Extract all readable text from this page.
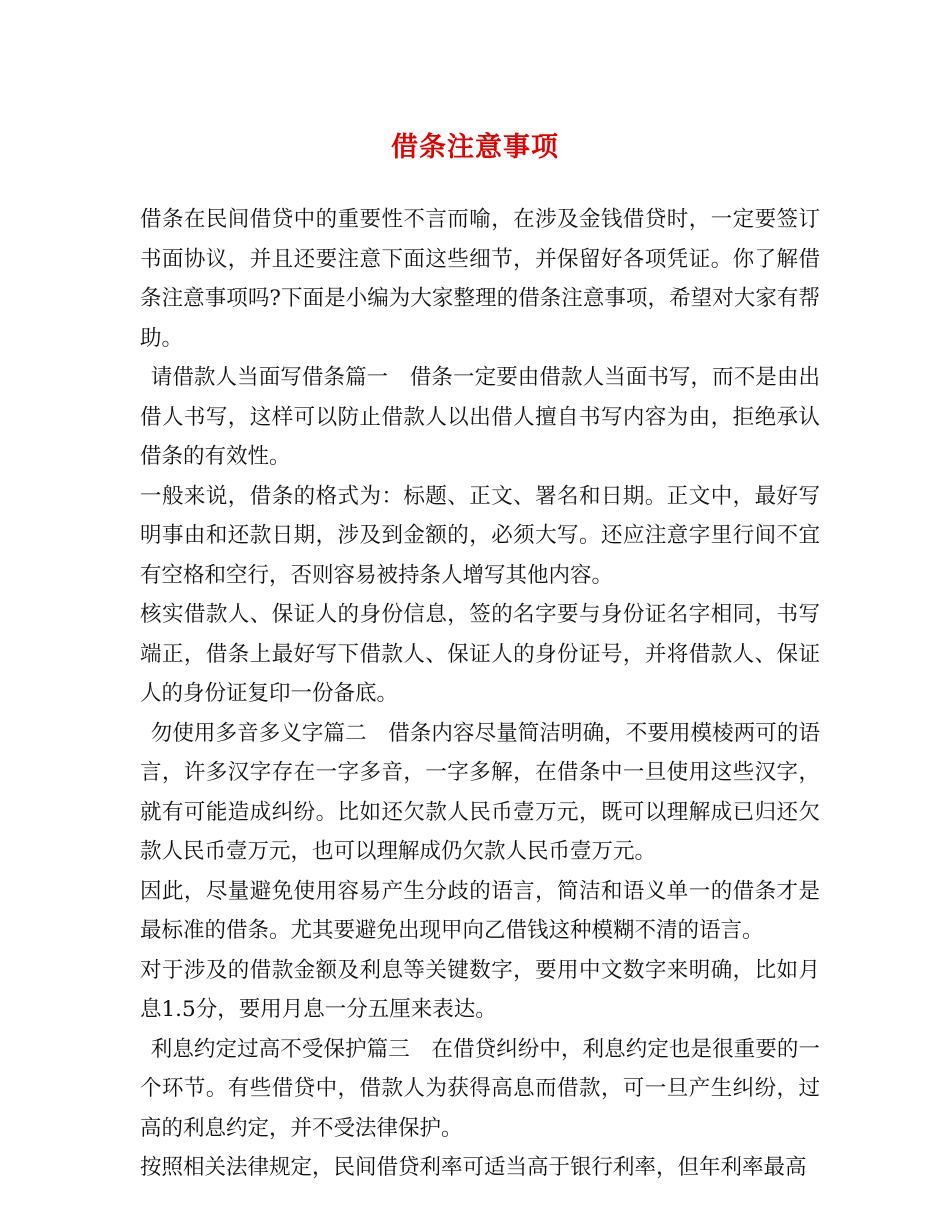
借条注意事项

借条在民间借贷中的重要性不言而喻，在涉及金钱借贷时，一定要签订书面协议，并且还要注意下面这些细节，并保留好各项凭证。你了解借条注意事项吗?下面是小编为大家整理的借条注意事项，希望对大家有帮助。

请借款人当面写借条篇一　借条一定要由借款人当面书写，而不是由出借人书写，这样可以防止借款人以出借人擅自书写内容为由，拒绝承认借条的有效性。

一般来说，借条的格式为：标题、正文、署名和日期。正文中，最好写明事由和还款日期，涉及到金额的，必须大写。还应注意字里行间不宜有空格和空行，否则容易被持条人增写其他内容。

核实借款人、保证人的身份信息，签的名字要与身份证名字相同，书写端正，借条上最好写下借款人、保证人的身份证号，并将借款人、保证人的身份证复印一份备底。

勿使用多音多义字篇二　借条内容尽量简洁明确，不要用模棱两可的语言，许多汉字存在一字多音，一字多解，在借条中一旦使用这些汉字，就有可能造成纠纷。比如还欠款人民币壹万元，既可以理解成已归还欠款人民币壹万元，也可以理解成仍欠款人民币壹万元。

因此，尽量避免使用容易产生分歧的语言，简洁和语义单一的借条才是最标准的借条。尤其要避免出现甲向乙借钱这种模糊不清的语言。

对于涉及的借款金额及利息等关键数字，要用中文数字来明确，比如月息1.5分，要用月息一分五厘来表达。

利息约定过高不受保护篇三　在借贷纠纷中，利息约定也是很重要的一个环节。有些借贷中，借款人为获得高息而借款，可一旦产生纠纷，过高的利息约定，并不受法律保护。

按照相关法律规定，民间借贷利率可适当高于银行利率，但年利率最高
